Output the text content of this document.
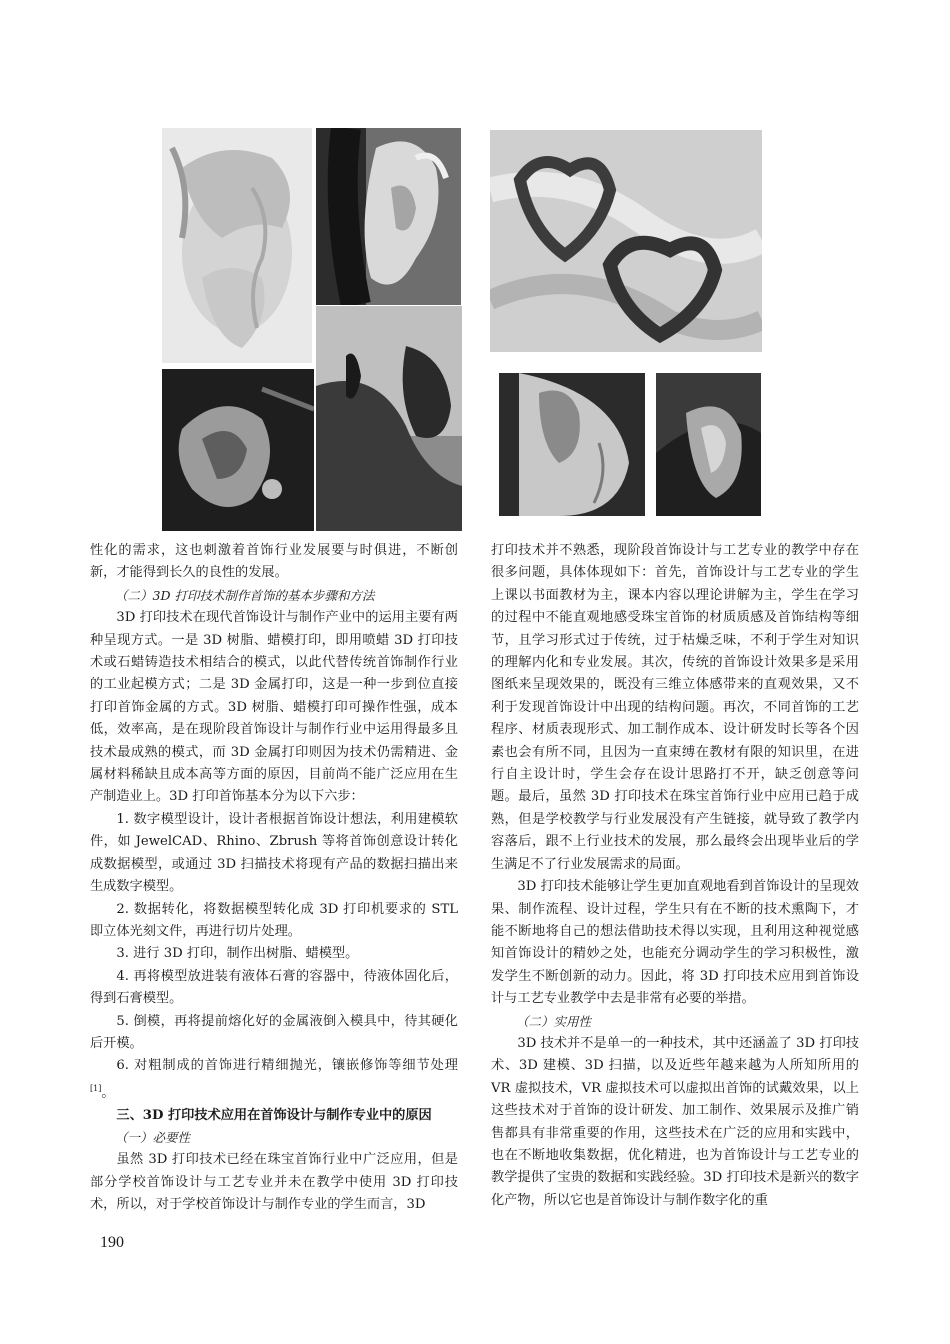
性化的需求，这也刺激着首饰行业发展要与时俱进，不断创新，才能得到长久的良性的发展。

（二）3D 打印技术制作首饰的基本步骤和方法

3D 打印技术在现代首饰设计与制作产业中的运用主要有两种呈现方式。一是 3D 树脂、蜡模打印，即用喷蜡 3D 打印技术或石蜡铸造技术相结合的模式，以此代替传统首饰制作行业的工业起模方式；二是 3D 金属打印，这是一种一步到位直接打印首饰金属的方式。3D 树脂、蜡模打印可操作性强，成本低，效率高，是在现阶段首饰设计与制作行业中运用得最多且技术最成熟的模式，而 3D 金属打印则因为技术仍需精进、金属材料稀缺且成本高等方面的原因，目前尚不能广泛应用在生产制造业上。3D 打印首饰基本分为以下六步：

1. 数字模型设计，设计者根据首饰设计想法，利用建模软件，如 JewelCAD、Rhino、Zbrush 等将首饰创意设计转化成数据模型，或通过 3D 扫描技术将现有产品的数据扫描出来生成数字模型。

2. 数据转化，将数据模型转化成 3D 打印机要求的 STL 即立体光刻文件，再进行切片处理。

3. 进行 3D 打印，制作出树脂、蜡模型。

4. 再将模型放进装有液体石膏的容器中，待液体固化后，得到石膏模型。

5. 倒模，再将提前熔化好的金属液倒入模具中，待其硬化后开模。

6. 对粗制成的首饰进行精细抛光，镶嵌修饰等细节处理[1]。

三、3D 打印技术应用在首饰设计与制作专业中的原因

（一）必要性

虽然 3D 打印技术已经在珠宝首饰行业中广泛应用，但是部分学校首饰设计与工艺专业并未在教学中使用 3D 打印技术，所以，对于学校首饰设计与制作专业的学生而言，3D

打印技术并不熟悉，现阶段首饰设计与工艺专业的教学中存在很多问题，具体体现如下：首先，首饰设计与工艺专业的学生上课以书面教材为主，课本内容以理论讲解为主，学生在学习的过程中不能直观地感受珠宝首饰的材质质感及首饰结构等细节，且学习形式过于传统，过于枯燥乏味，不利于学生对知识的理解内化和专业发展。其次，传统的首饰设计效果多是采用图纸来呈现效果的，既没有三维立体感带来的直观效果，又不利于发现首饰设计中出现的结构问题。再次，不同首饰的工艺程序、材质表现形式、加工制作成本、设计研发时长等各个因素也会有所不同，且因为一直束缚在教材有限的知识里，在进行自主设计时，学生会存在设计思路打不开，缺乏创意等问题。最后，虽然 3D 打印技术在珠宝首饰行业中应用已趋于成熟，但是学校教学与行业发展没有产生链接，就导致了教学内容落后，跟不上行业技术的发展，那么最终会出现毕业后的学生满足不了行业发展需求的局面。

3D 打印技术能够让学生更加直观地看到首饰设计的呈现效果、制作流程、设计过程，学生只有在不断的技术熏陶下，才能不断地将自己的想法借助技术得以实现，且利用这种视觉感知首饰设计的精妙之处，也能充分调动学生的学习积极性，激发学生不断创新的动力。因此，将 3D 打印技术应用到首饰设计与工艺专业教学中去是非常有必要的举措。

（二）实用性

3D 技术并不是单一的一种技术，其中还涵盖了 3D 打印技术、3D 建模、3D 扫描，以及近些年越来越为人所知所用的 VR 虚拟技术，VR 虚拟技术可以虚拟出首饰的试戴效果，以上这些技术对于首饰的设计研发、加工制作、效果展示及推广销售都具有非常重要的作用，这些技术在广泛的应用和实践中，也在不断地收集数据，优化精进，也为首饰设计与工艺专业的教学提供了宝贵的数据和实践经验。3D 打印技术是新兴的数字化产物，所以它也是首饰设计与制作数字化的重

190
